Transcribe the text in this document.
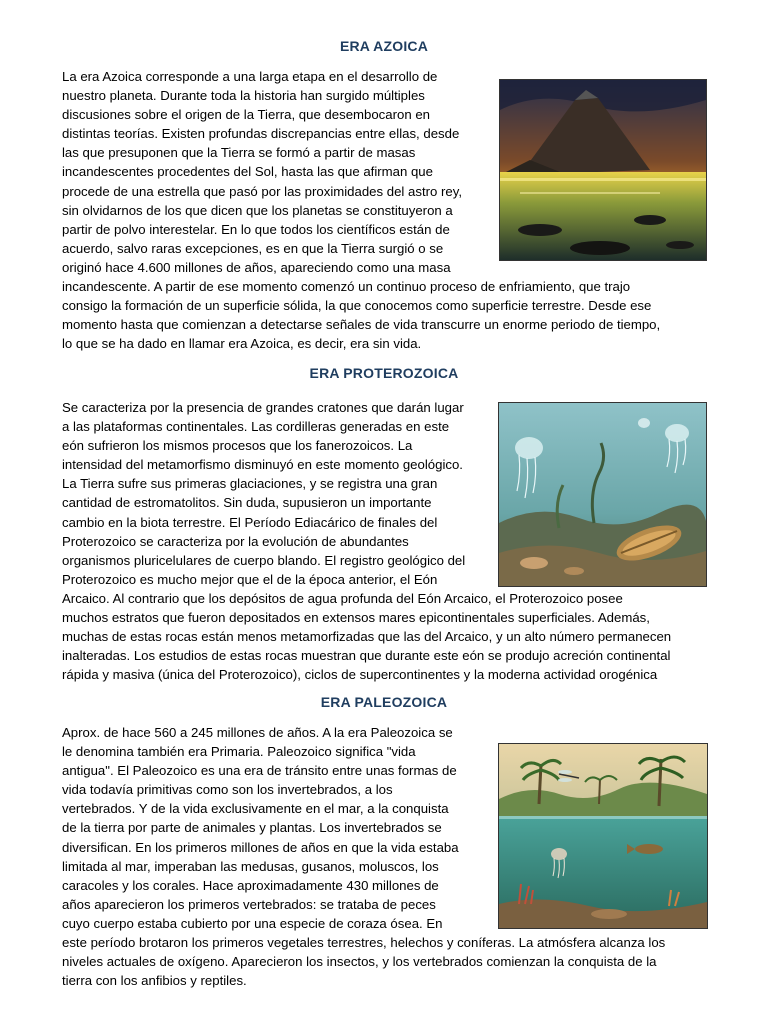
ERA AZOICA

La era Azoica corresponde a una larga etapa en el desarrollo de
nuestro planeta. Durante toda la historia han surgido múltiples
discusiones sobre el origen de la Tierra, que desembocaron en
distintas teorías. Existen profundas discrepancias entre ellas, desde
las que presuponen que la Tierra se formó a partir de masas
incandescentes procedentes del Sol, hasta las que afirman que
procede de una estrella que pasó por las proximidades del astro rey,
sin olvidarnos de los que dicen que los planetas se constituyeron a
partir de polvo interestelar. En lo que todos los científicos están de
acuerdo, salvo raras excepciones, es en que la Tierra surgió o se
originó hace 4.600 millones de años, apareciendo como una masa
incandescente. A partir de ese momento comenzó un continuo proceso de enfriamiento, que trajo
consigo la formación de un superficie sólida, la que conocemos como superficie terrestre. Desde ese
momento hasta que comienzan a detectarse señales de vida transcurre un enorme periodo de tiempo,
lo que se ha dado en llamar era Azoica, es decir, era sin vida.

ERA PROTEROZOICA

Se caracteriza por la presencia de grandes cratones que darán lugar
a las plataformas continentales. Las cordilleras generadas en este
eón sufrieron los mismos procesos que los fanerozoicos. La
intensidad del metamorfismo disminuyó en este momento geológico.
La Tierra sufre sus primeras glaciaciones, y se registra una gran
cantidad de estromatolitos. Sin duda, supusieron un importante
cambio en la biota terrestre. El Período Ediacárico de finales del
Proterozoico se caracteriza por la evolución de abundantes
organismos pluricelulares de cuerpo blando. El registro geológico del
Proterozoico es mucho mejor que el de la época anterior, el Eón
Arcaico. Al contrario que los depósitos de agua profunda del Eón Arcaico, el Proterozoico posee
muchos estratos que fueron depositados en extensos mares epicontinentales superficiales. Además,
muchas de estas rocas están menos metamorfizadas que las del Arcaico, y un alto número permanecen
inalteradas. Los estudios de estas rocas muestran que durante este eón se produjo acreción continental
rápida y masiva (única del Proterozoico), ciclos de supercontinentes y la moderna actividad orogénica

ERA PALEOZOICA

Aprox. de hace 560 a 245 millones de años. A la era Paleozoica se
le denomina también era Primaria. Paleozoico significa "vida
antigua". El Paleozoico es una era de tránsito entre unas formas de
vida todavía primitivas como son los invertebrados, a los
vertebrados. Y de la vida exclusivamente en el mar, a la conquista
de la tierra por parte de animales y plantas. Los invertebrados se
diversifican. En los primeros millones de años en que la vida estaba
limitada al mar, imperaban las medusas, gusanos, moluscos, los
caracoles y los corales. Hace aproximadamente 430 millones de
años aparecieron los primeros vertebrados: se trataba de peces
cuyo cuerpo estaba cubierto por una especie de coraza ósea. En
este período brotaron los primeros vegetales terrestres, helechos y coníferas. La atmósfera alcanza los
niveles actuales de oxígeno. Aparecieron los insectos, y los vertebrados comienzan la conquista de la
tierra con los anfibios y reptiles.
